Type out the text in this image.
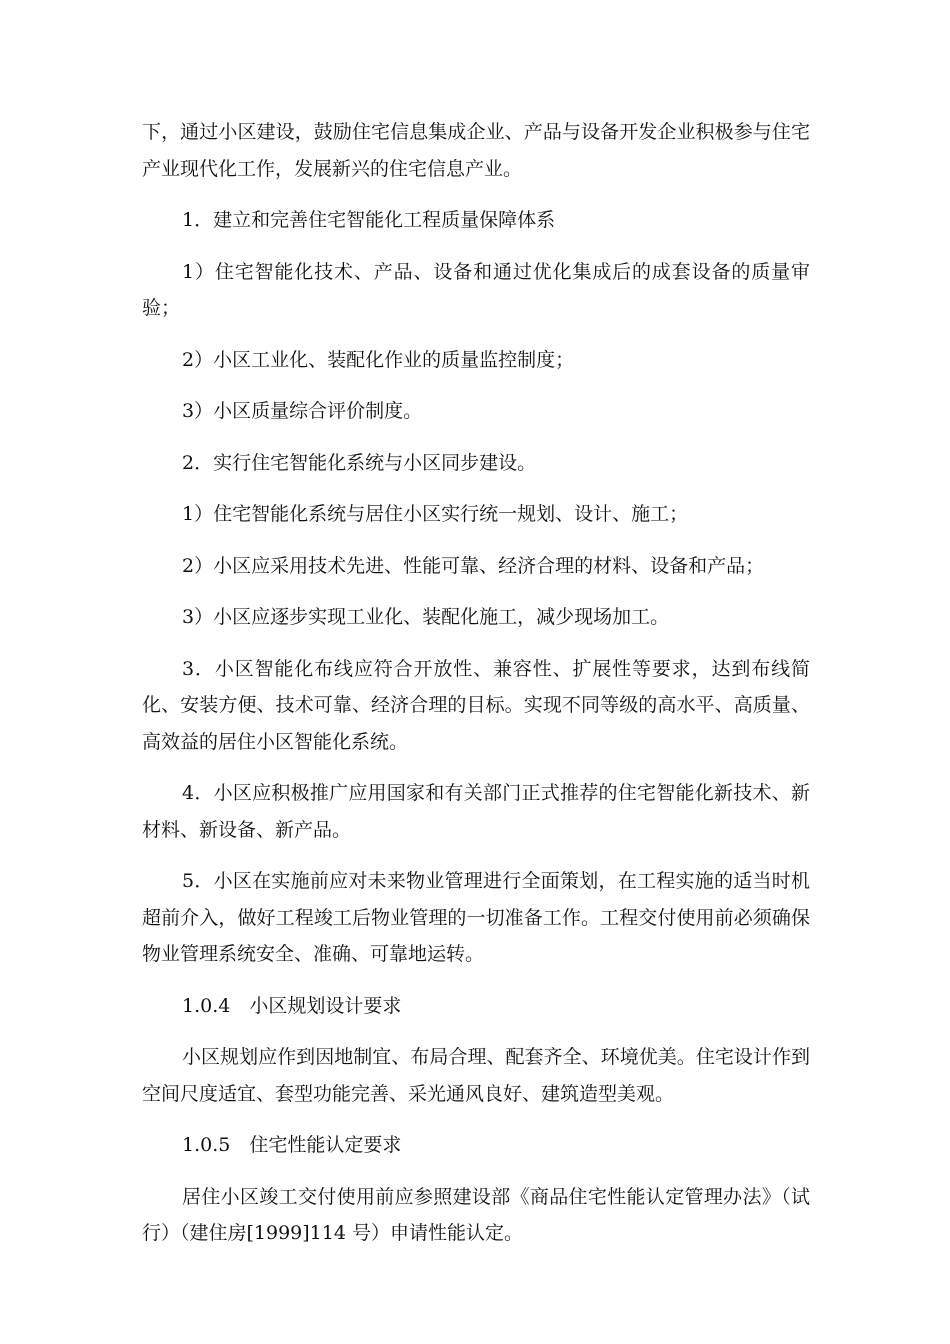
下，通过小区建设，鼓励住宅信息集成企业、产品与设备开发企业积极参与住宅产业现代化工作，发展新兴的住宅信息产业。

1．建立和完善住宅智能化工程质量保障体系

1）住宅智能化技术、产品、设备和通过优化集成后的成套设备的质量审验；

2）小区工业化、装配化作业的质量监控制度；

3）小区质量综合评价制度。

2．实行住宅智能化系统与小区同步建设。

1）住宅智能化系统与居住小区实行统一规划、设计、施工；

2）小区应采用技术先进、性能可靠、经济合理的材料、设备和产品；

3）小区应逐步实现工业化、装配化施工，减少现场加工。

3．小区智能化布线应符合开放性、兼容性、扩展性等要求，达到布线简化、安装方便、技术可靠、经济合理的目标。实现不同等级的高水平、高质量、高效益的居住小区智能化系统。

4．小区应积极推广应用国家和有关部门正式推荐的住宅智能化新技术、新材料、新设备、新产品。

5．小区在实施前应对未来物业管理进行全面策划，在工程实施的适当时机超前介入，做好工程竣工后物业管理的一切准备工作。工程交付使用前必须确保物业管理系统安全、准确、可靠地运转。

1.0.4　小区规划设计要求

小区规划应作到因地制宜、布局合理、配套齐全、环境优美。住宅设计作到空间尺度适宜、套型功能完善、采光通风良好、建筑造型美观。

1.0.5　住宅性能认定要求

居住小区竣工交付使用前应参照建设部《商品住宅性能认定管理办法》（试行）（建住房[1999]114 号）申请性能认定。
